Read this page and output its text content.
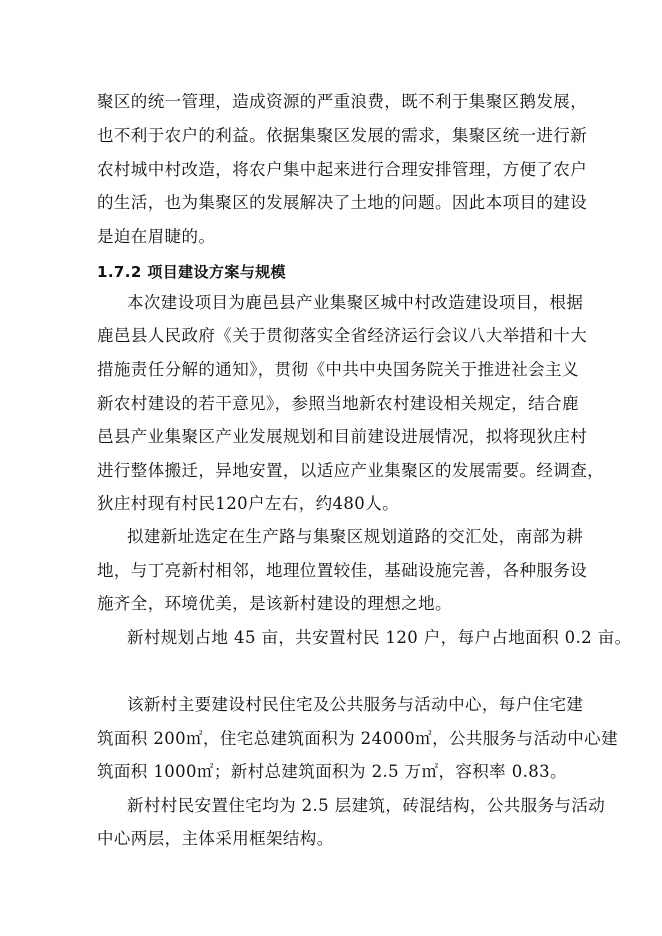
聚区的统一管理，造成资源的严重浪费，既不利于集聚区鹅发展，
也不利于农户的利益。依据集聚区发展的需求，集聚区统一进行新
农村城中村改造，将农户集中起来进行合理安排管理，方便了农户
的生活，也为集聚区的发展解决了土地的问题。因此本项目的建设
是迫在眉睫的。
1.7.2 项目建设方案与规模
本次建设项目为鹿邑县产业集聚区城中村改造建设项目，根据
鹿邑县人民政府《关于贯彻落实全省经济运行会议八大举措和十大
措施责任分解的通知》，贯彻《中共中央国务院关于推进社会主义
新农村建设的若干意见》，参照当地新农村建设相关规定，结合鹿
邑县产业集聚区产业发展规划和目前建设进展情况，拟将现狄庄村
进行整体搬迁，异地安置，以适应产业集聚区的发展需要。经调查，
狄庄村现有村民120户左右，约480人。
拟建新址选定在生产路与集聚区规划道路的交汇处，南部为耕
地，与丁亮新村相邻，地理位置较佳，基础设施完善，各种服务设
施齐全，环境优美，是该新村建设的理想之地。
新村规划占地 45 亩，共安置村民 120 户，每户占地面积 0.2 亩。
该新村主要建设村民住宅及公共服务与活动中心，每户住宅建
筑面积 200㎡，住宅总建筑面积为 24000㎡，公共服务与活动中心建
筑面积 1000㎡；新村总建筑面积为 2.5 万㎡，容积率 0.83。
新村村民安置住宅均为 2.5 层建筑，砖混结构，公共服务与活动
中心两层，主体采用框架结构。
